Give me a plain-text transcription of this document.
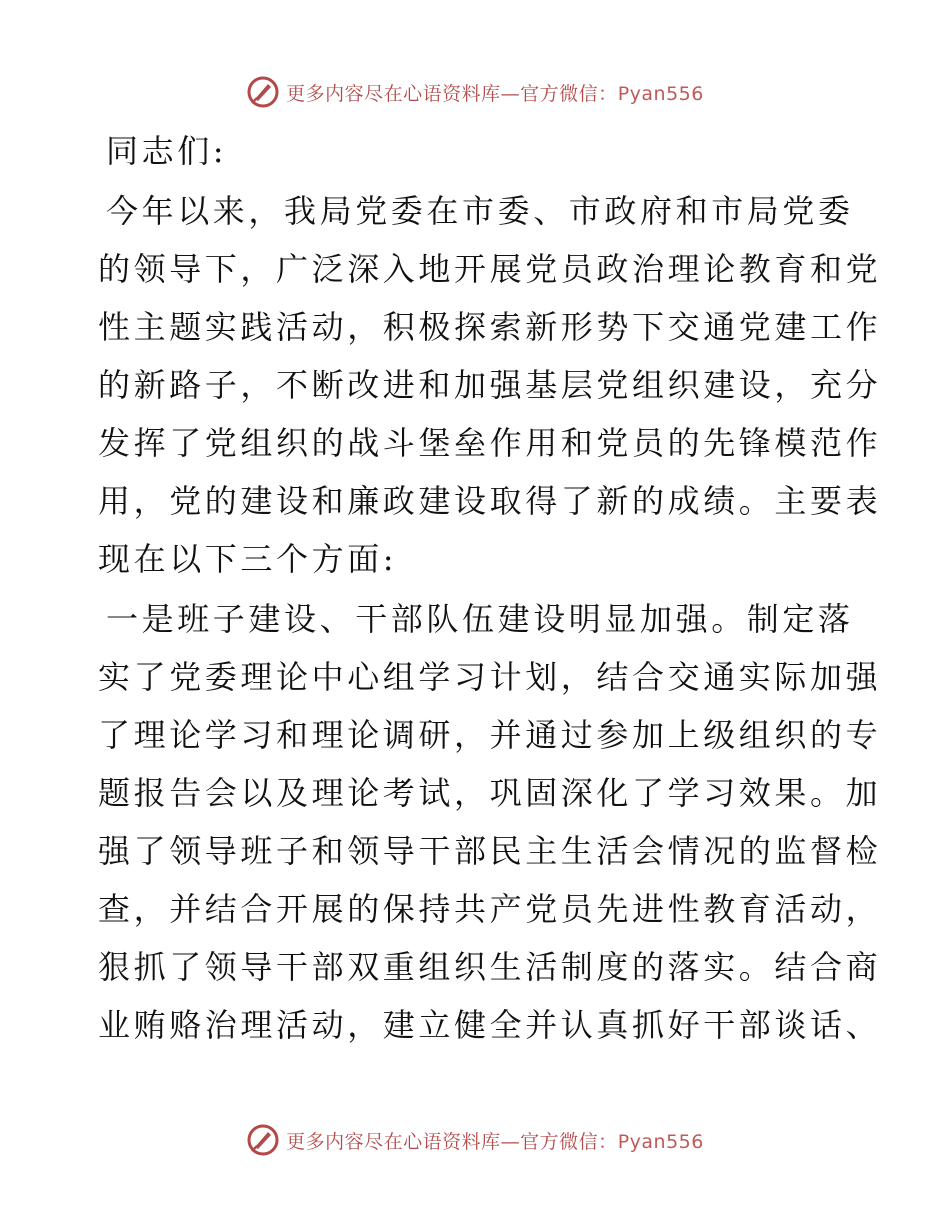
更多内容尽在心语资料库—官方微信：Pyan556
同志们:
今年以来，我局党委在市委、市政府和市局党委
的领导下，广泛深入地开展党员政治理论教育和党
性主题实践活动，积极探索新形势下交通党建工作
的新路子，不断改进和加强基层党组织建设，充分
发挥了党组织的战斗堡垒作用和党员的先锋模范作
用，党的建设和廉政建设取得了新的成绩。主要表
现在以下三个方面:
一是班子建设、干部队伍建设明显加强。制定落
实了党委理论中心组学习计划，结合交通实际加强
了理论学习和理论调研，并通过参加上级组织的专
题报告会以及理论考试，巩固深化了学习效果。加
强了领导班子和领导干部民主生活会情况的监督检
查，并结合开展的保持共产党员先进性教育活动，
狠抓了领导干部双重组织生活制度的落实。结合商
业贿赂治理活动，建立健全并认真抓好干部谈话、
更多内容尽在心语资料库—官方微信：Pyan556
